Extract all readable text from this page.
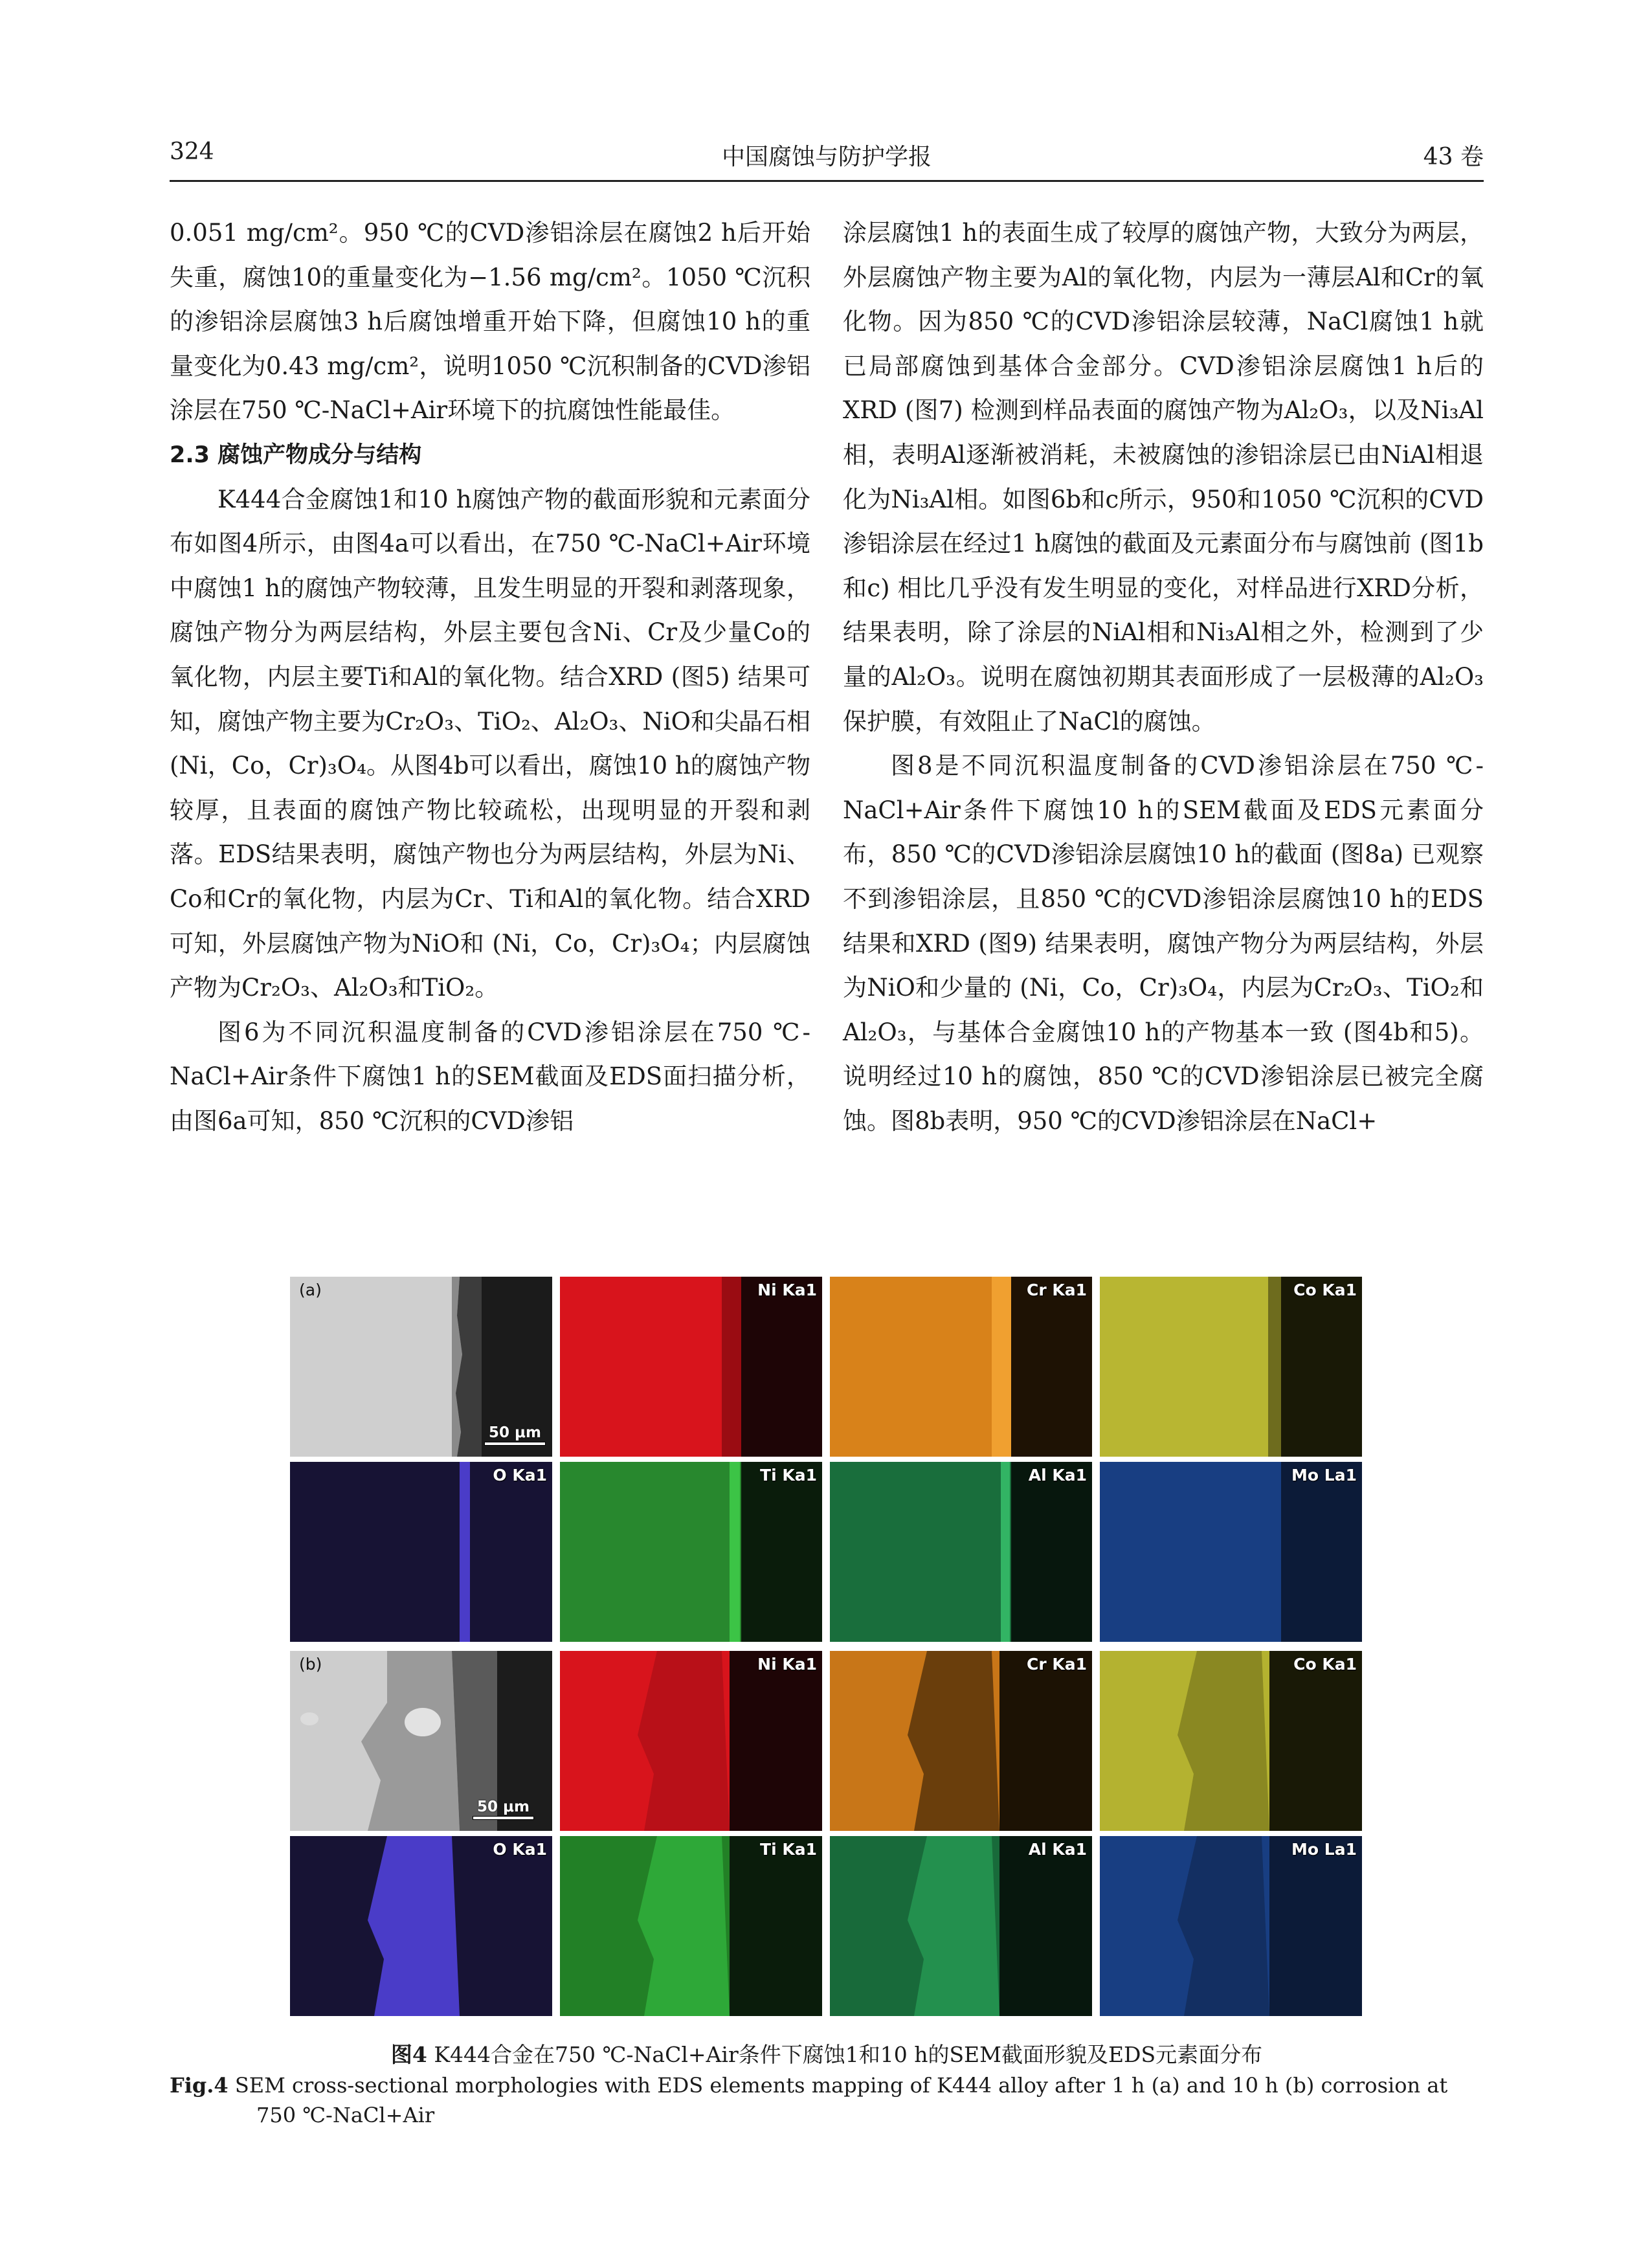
324	中国腐蚀与防护学报	43 卷

0.051 mg/cm²。950 ℃的CVD渗铝涂层在腐蚀2 h后开始失重，腐蚀10的重量变化为−1.56 mg/cm²。1050 ℃沉积的渗铝涂层腐蚀3 h后腐蚀增重开始下降，但腐蚀10 h的重量变化为0.43 mg/cm²，说明1050 ℃沉积制备的CVD渗铝涂层在750 ℃-NaCl+Air环境下的抗腐蚀性能最佳。

2.3 腐蚀产物成分与结构

K444合金腐蚀1和10 h腐蚀产物的截面形貌和元素面分布如图4所示，由图4a可以看出，在750 ℃-NaCl+Air环境中腐蚀1 h的腐蚀产物较薄，且发生明显的开裂和剥落现象，腐蚀产物分为两层结构，外层主要包含Ni、Cr及少量Co的氧化物，内层主要Ti和Al的氧化物。结合XRD (图5) 结果可知，腐蚀产物主要为Cr₂O₃、TiO₂、Al₂O₃、NiO和尖晶石相 (Ni，Co，Cr)₃O₄。从图4b可以看出，腐蚀10 h的腐蚀产物较厚，且表面的腐蚀产物比较疏松，出现明显的开裂和剥落。EDS结果表明，腐蚀产物也分为两层结构，外层为Ni、Co和Cr的氧化物，内层为Cr、Ti和Al的氧化物。结合XRD可知，外层腐蚀产物为NiO和 (Ni，Co，Cr)₃O₄；内层腐蚀产物为Cr₂O₃、Al₂O₃和TiO₂。

图6为不同沉积温度制备的CVD渗铝涂层在750 ℃-NaCl+Air条件下腐蚀1 h的SEM截面及EDS面扫描分析，由图6a可知，850 ℃沉积的CVD渗铝

涂层腐蚀1 h的表面生成了较厚的腐蚀产物，大致分为两层，外层腐蚀产物主要为Al的氧化物，内层为一薄层Al和Cr的氧化物。因为850 ℃的CVD渗铝涂层较薄，NaCl腐蚀1 h就已局部腐蚀到基体合金部分。CVD渗铝涂层腐蚀1 h后的XRD (图7) 检测到样品表面的腐蚀产物为Al₂O₃，以及Ni₃Al相，表明Al逐渐被消耗，未被腐蚀的渗铝涂层已由NiAl相退化为Ni₃Al相。如图6b和c所示，950和1050 ℃沉积的CVD渗铝涂层在经过1 h腐蚀的截面及元素面分布与腐蚀前 (图1b和c) 相比几乎没有发生明显的变化，对样品进行XRD分析，结果表明，除了涂层的NiAl相和Ni₃Al相之外，检测到了少量的Al₂O₃。说明在腐蚀初期其表面形成了一层极薄的Al₂O₃保护膜，有效阻止了NaCl的腐蚀。

图8是不同沉积温度制备的CVD渗铝涂层在750 ℃-NaCl+Air条件下腐蚀10 h的SEM截面及EDS元素面分布，850 ℃的CVD渗铝涂层腐蚀10 h的截面 (图8a) 已观察不到渗铝涂层，且850 ℃的CVD渗铝涂层腐蚀10 h的EDS结果和XRD (图9) 结果表明，腐蚀产物分为两层结构，外层为NiO和少量的 (Ni，Co，Cr)₃O₄，内层为Cr₂O₃、TiO₂和Al₂O₃，与基体合金腐蚀10 h的产物基本一致 (图4b和5)。说明经过10 h的腐蚀，850 ℃的CVD渗铝涂层已被完全腐蚀。图8b表明，950 ℃的CVD渗铝涂层在NaCl+

(a)
50 μm
Ni Ka1	Cr Ka1	Co Ka1
O Ka1	Ti Ka1	Al Ka1	Mo La1
(b)
50 μm
Ni Ka1	Cr Ka1	Co Ka1
O Ka1	Ti Ka1	Al Ka1	Mo La1
图4 K444合金在750 ℃-NaCl+Air条件下腐蚀1和10 h的SEM截面形貌及EDS元素面分布
Fig.4 SEM cross-sectional morphologies with EDS elements mapping of K444 alloy after 1 h (a) and 10 h (b) corrosion at
750 ℃-NaCl+Air
